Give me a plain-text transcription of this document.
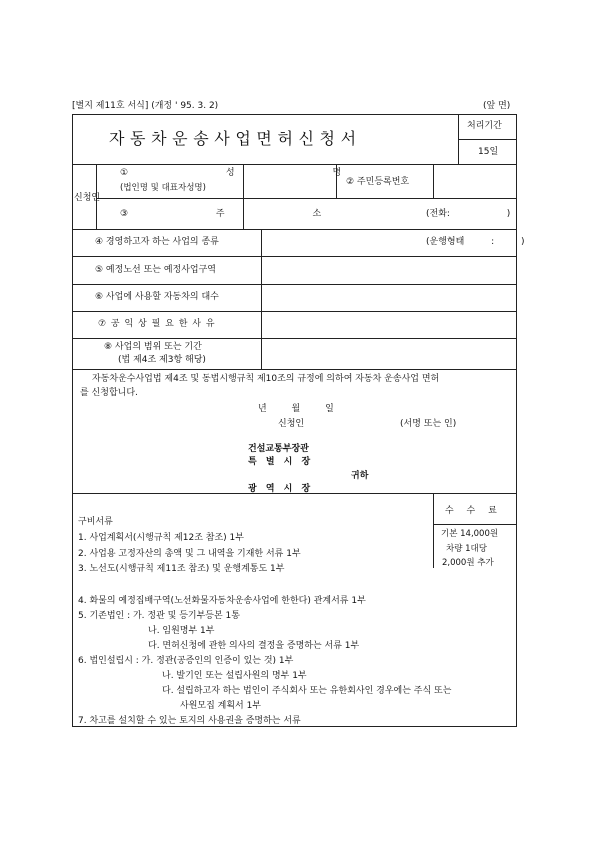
[별지 제11호 서식] (개정 ' 95. 3. 2)	(앞 면)
자동차운송사업면허신청서
처리기간
15일
신청인
① 성 명
(법인명 및 대표자성명)
② 주민등록번호
③ 주 소	(전화: )
④ 경영하고자 하는 사업의 종류	(운행형태 : )
⑤ 예정노선 또는 예정사업구역
⑥ 사업에 사용할 자동차의 대수
⑦ 공 익 상 필 요 한 사 유
⑧ 사업의 범위 또는 기간
(법 제4조 제3항 해당)
자동차운수사업법 제4조 및 동법시행규칙 제10조의 규정에 의하여 자동차 운송사업 면허
를 신청합니다.
년 월 일
신청인	(서명 또는 인)
건설교통부장관
특 별 시 장
귀하
광 역 시 장
수 수 료
기본 14,000원
차량 1대당
2,000원 추가
구비서류
1. 사업계획서(시행규칙 제12조 참조) 1부
2. 사업용 고정자산의 총액 및 그 내역을 기재한 서류 1부
3. 노선도(시행규칙 제11조 참조) 및 운행계통도 1부
4. 화물의 예정집배구역(노선화물자동차운송사업에 한한다) 관계서류 1부
5. 기존법인 : 가. 정관 및 등기부등본 1통
나. 임원명부 1부
다. 면허신청에 관한 의사의 결정을 증명하는 서류 1부
6. 법인설립시 : 가. 정관(공증인의 인증이 있는 것) 1부
나. 발기인 또는 설립사원의 명부 1부
다. 설립하고자 하는 법인이 주식회사 또는 유한회사인 경우에는 주식 또는
사원모집 계획서 1부
7. 차고를 설치할 수 있는 토지의 사용권을 증명하는 서류
